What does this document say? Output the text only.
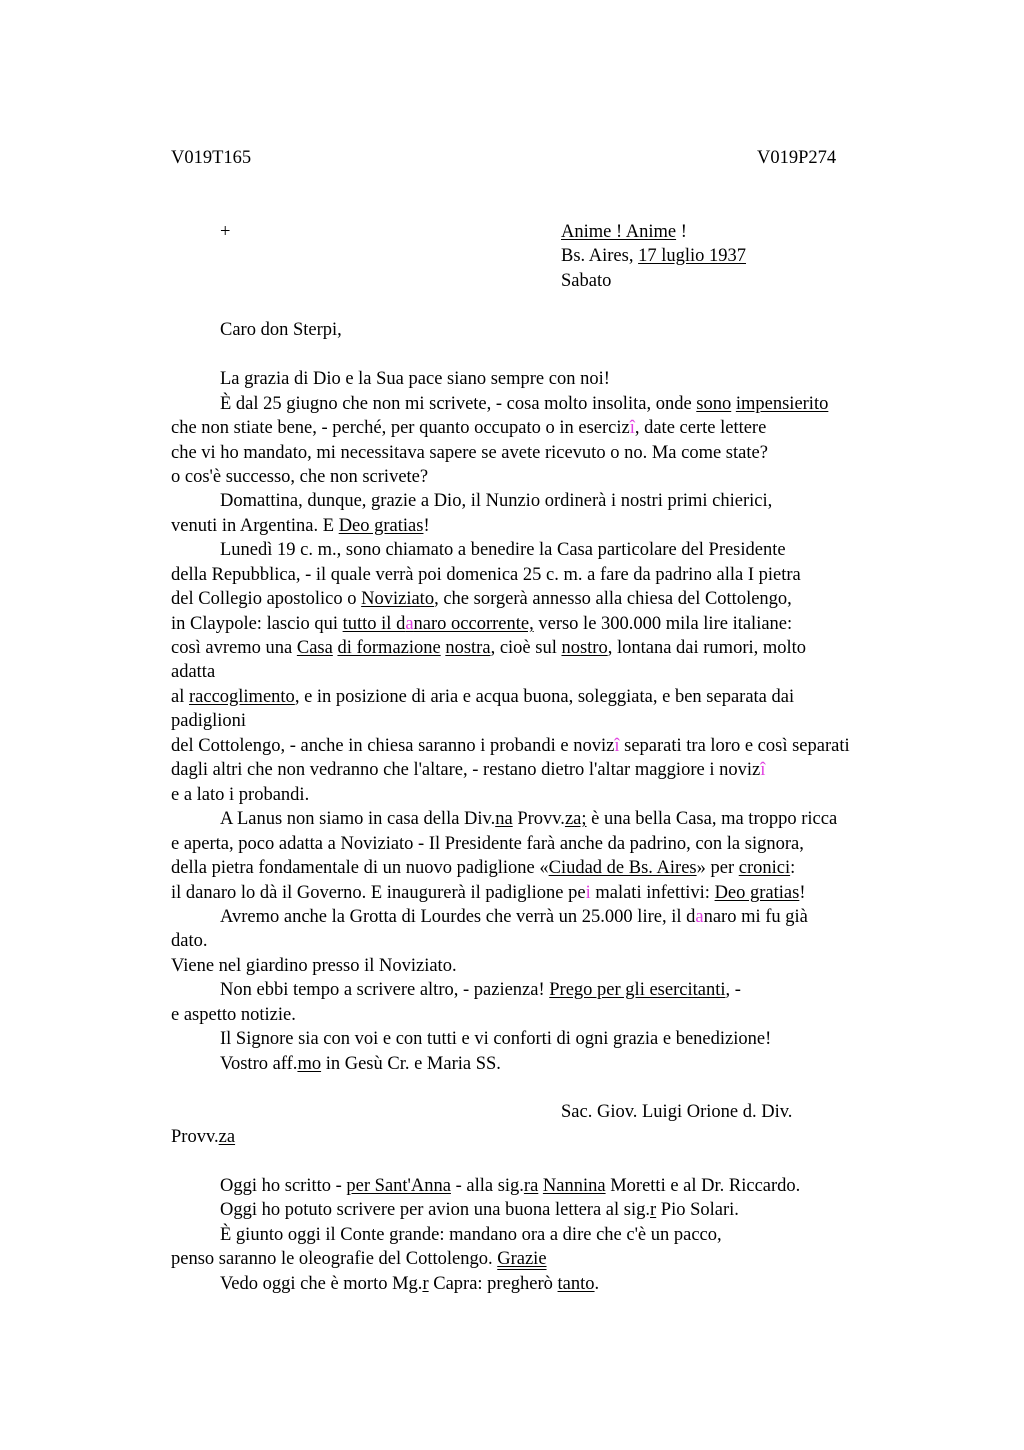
V019T165	V019P274
+	Anime ! Anime !
Bs. Aires, 17 luglio 1937
Sabato
Caro don Sterpi,
La grazia di Dio e la Sua pace siano sempre con noi!
È dal 25 giugno che non mi scrivete, - cosa molto insolita, onde sono impensierito
che non stiate bene, - perché, per quanto occupato o in esercizî, date certe lettere
che vi ho mandato, mi necessitava sapere se avete ricevuto o no. Ma come state?
o cos'è successo, che non scrivete?
Domattina, dunque, grazie a Dio, il Nunzio ordinerà i nostri primi chierici,
venuti in Argentina. E Deo gratias!
Lunedì 19 c. m., sono chiamato a benedire la Casa particolare del Presidente
della Repubblica, - il quale verrà poi domenica 25 c. m. a fare da padrino alla I pietra
del Collegio apostolico o Noviziato, che sorgerà annesso alla chiesa del Cottolengo,
in Claypole: lascio qui tutto il danaro occorrente, verso le 300.000 mila lire italiane:
così avremo una Casa di formazione nostra, cioè sul nostro, lontana dai rumori, molto
adatta
al raccoglimento, e in posizione di aria e acqua buona, soleggiata, e ben separata dai
padiglioni
del Cottolengo, - anche in chiesa saranno i probandi e novizî separati tra loro e così separati
dagli altri che non vedranno che l'altare, - restano dietro l'altar maggiore i novizî
e a lato i probandi.
A Lanus non siamo in casa della Div.na Provv.za; è una bella Casa, ma troppo ricca
e aperta, poco adatta a Noviziato - Il Presidente farà anche da padrino, con la signora,
della pietra fondamentale di un nuovo padiglione «Ciudad de Bs. Aires» per cronici:
il danaro lo dà il Governo. E inaugurerà il padiglione pei malati infettivi: Deo gratias!
Avremo anche la Grotta di Lourdes che verrà un 25.000 lire, il danaro mi fu già
dato.
Viene nel giardino presso il Noviziato.
Non ebbi tempo a scrivere altro, - pazienza! Prego per gli esercitanti, -
e aspetto notizie.
Il Signore sia con voi e con tutti e vi conforti di ogni grazia e benedizione!
Vostro aff.mo in Gesù Cr. e Maria SS.
Sac. Giov. Luigi Orione d. Div.
Provv.za
Oggi ho scritto - per Sant'Anna - alla sig.ra Nannina Moretti e al Dr. Riccardo.
Oggi ho potuto scrivere per avion una buona lettera al sig.r Pio Solari.
È giunto oggi il Conte grande: mandano ora a dire che c'è un pacco,
penso saranno le oleografie del Cottolengo. Grazie
Vedo oggi che è morto Mg.r Capra: pregherò tanto.
